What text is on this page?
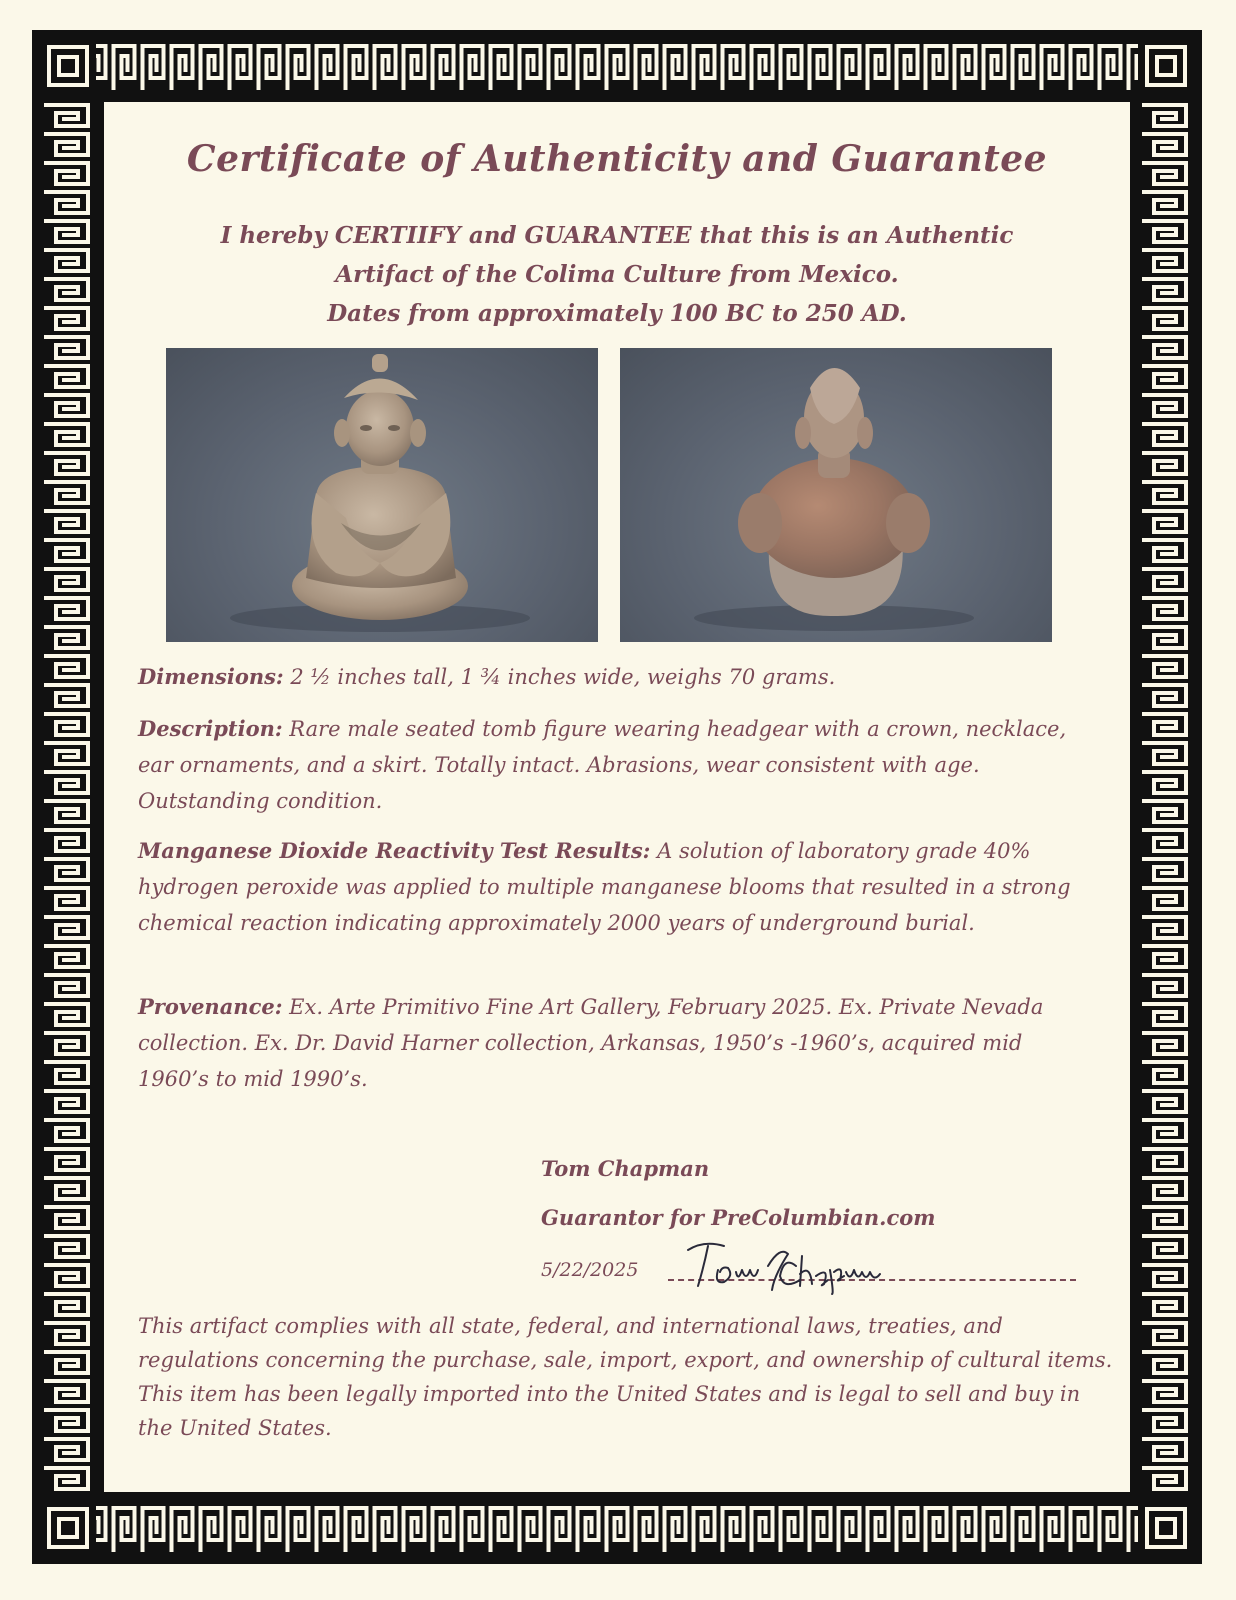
Certificate of Authenticity and Guarantee
I hereby CERTIIFY and GUARANTEE that this is an Authentic
Artifact of the Colima Culture from Mexico.
Dates from approximately 100 BC to 250 AD.
Dimensions: 2 ½ inches tall, 1 ¾ inches wide, weighs 70 grams.
Description: Rare male seated tomb figure wearing headgear with a crown, necklace, ear ornaments, and a skirt. Totally intact. Abrasions, wear consistent with age. Outstanding condition.
Manganese Dioxide Reactivity Test Results: A solution of laboratory grade 40% hydrogen peroxide was applied to multiple manganese blooms that resulted in a strong chemical reaction indicating approximately 2000 years of underground burial.
Provenance: Ex. Arte Primitivo Fine Art Gallery, February 2025. Ex. Private Nevada collection. Ex. Dr. David Harner collection, Arkansas, 1950’s -1960’s, acquired mid 1960’s to mid 1990’s.
Tom Chapman
Guarantor for PreColumbian.com
5/22/2025
This artifact complies with all state, federal, and international laws, treaties, and regulations concerning the purchase, sale, import, export, and ownership of cultural items. This item has been legally imported into the United States and is legal to sell and buy in the United States.
